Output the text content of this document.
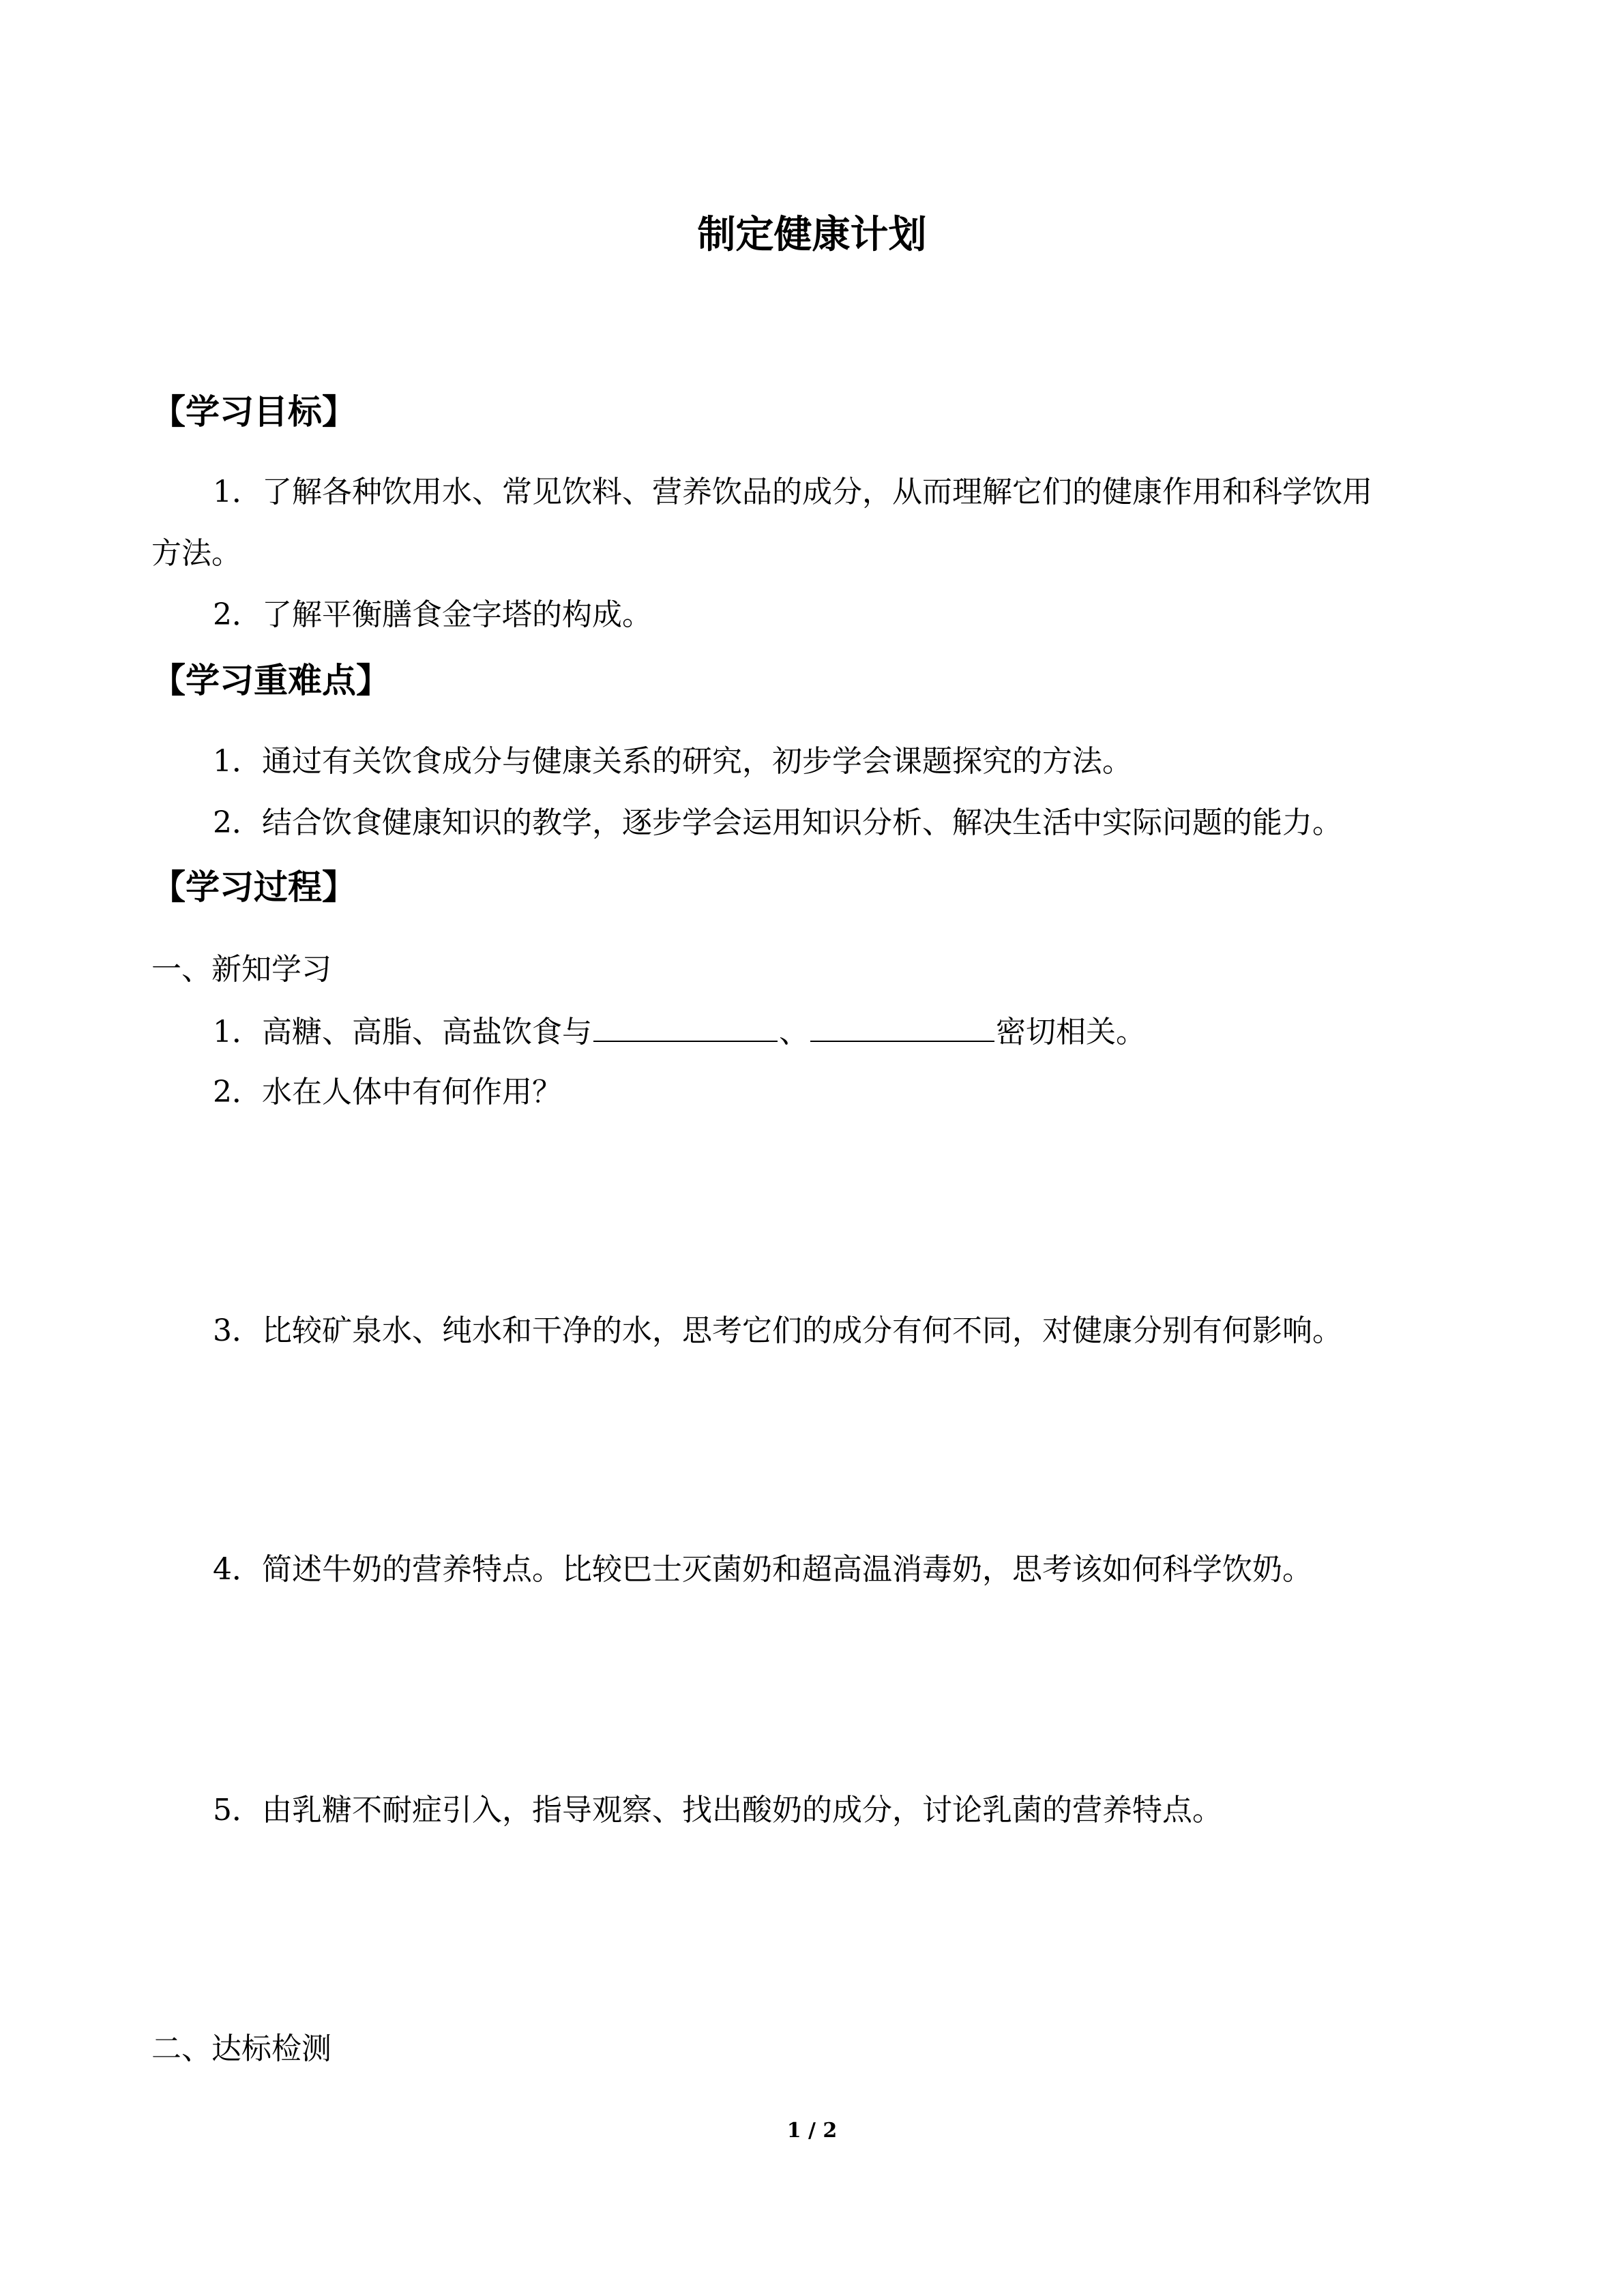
制定健康计划
【学习目标】
1．了解各种饮用水、常见饮料、营养饮品的成分，从而理解它们的健康作用和科学饮用
方法。
2．了解平衡膳食金字塔的构成。
【学习重难点】
1．通过有关饮食成分与健康关系的研究，初步学会课题探究的方法。
2．结合饮食健康知识的教学，逐步学会运用知识分析、解决生活中实际问题的能力。
【学习过程】
一、新知学习
1．高糖、高脂、高盐饮食与	、	密切相关。
2．水在人体中有何作用？
3．比较矿泉水、纯水和干净的水，思考它们的成分有何不同，对健康分别有何影响。
4．简述牛奶的营养特点。比较巴士灭菌奶和超高温消毒奶，思考该如何科学饮奶。
5．由乳糖不耐症引入，指导观察、找出酸奶的成分，讨论乳菌的营养特点。
二、达标检测
1 / 2
